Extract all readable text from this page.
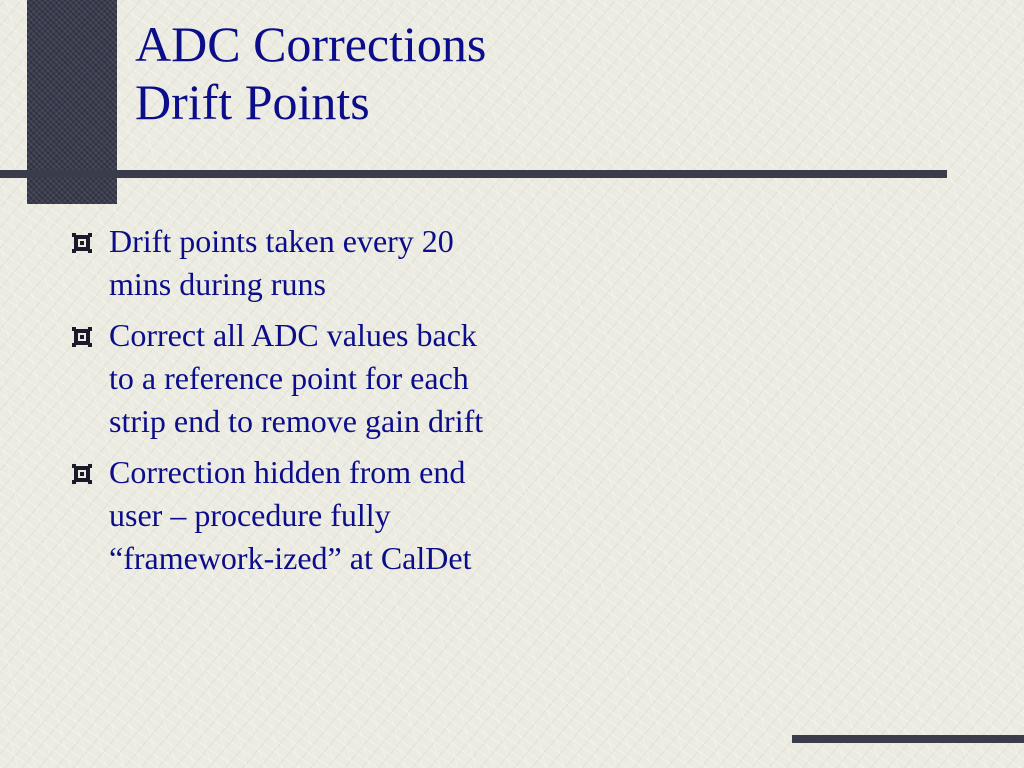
ADC Corrections
Drift Points
Drift points taken every 20 mins during runs
Correct all ADC values back to a reference point for each strip end to remove gain drift
Correction hidden from end user – procedure fully “framework-ized” at CalDet
